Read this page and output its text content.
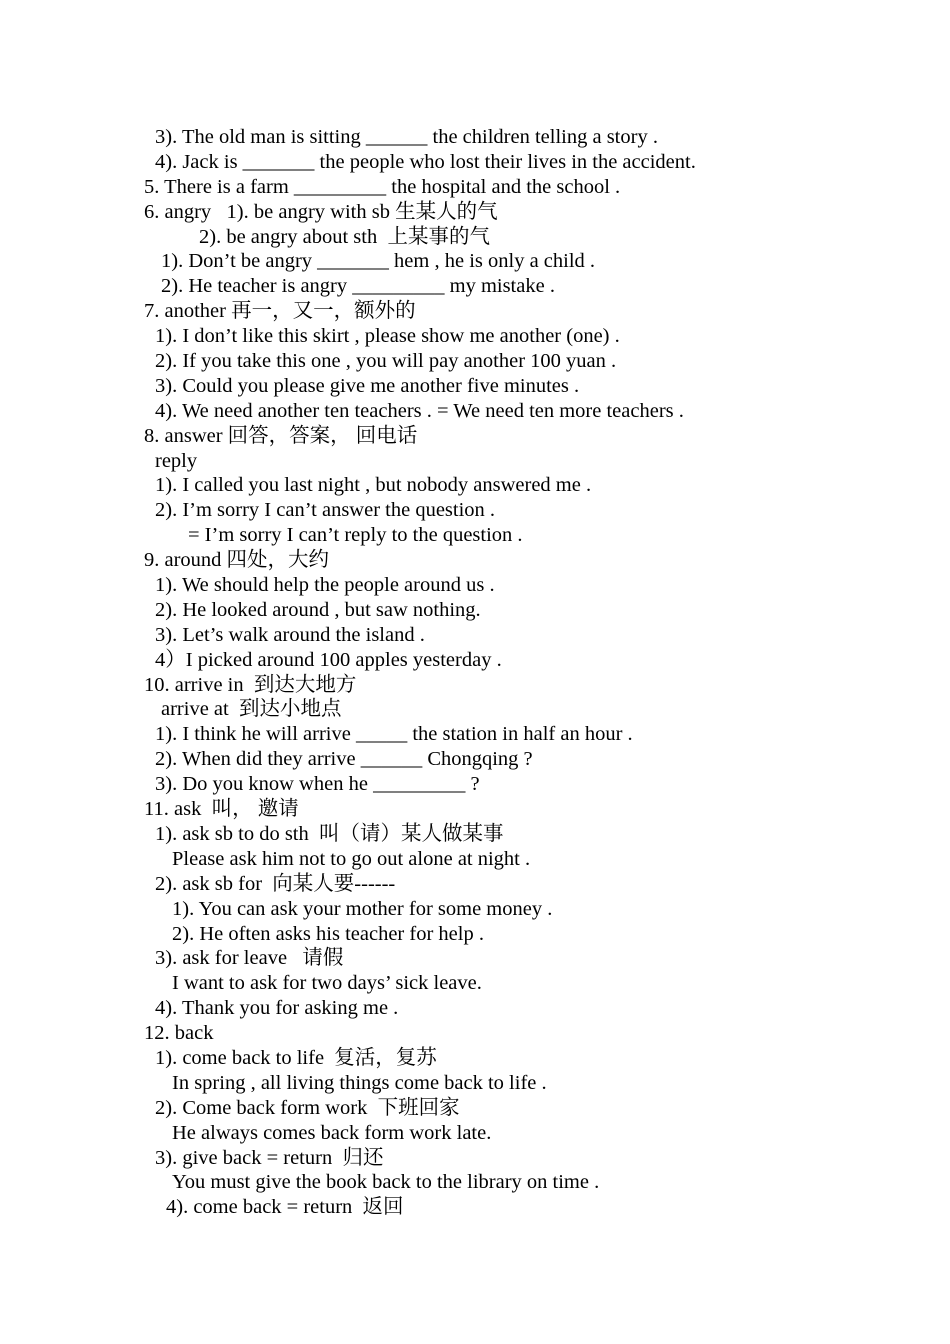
3). The old man is sitting ______ the children telling a story .
4). Jack is _______ the people who lost their lives in the accident.
5. There is a farm _________ the hospital and the school .
6. angry   1). be angry with sb 生某人的气
2). be angry about sth  上某事的气
1). Don’t be angry _______ hem , he is only a child .
2). He teacher is angry _________ my mistake .
7. another 再一，又一，额外的
1). I don’t like this skirt , please show me another (one) .
2). If you take this one , you will pay another 100 yuan .
3). Could you please give me another five minutes .
4). We need another ten teachers . = We need ten more teachers .
8. answer 回答，答案， 回电话
reply
1). I called you last night , but nobody answered me .
2). I’m sorry I can’t answer the question .
= I’m sorry I can’t reply to the question .
9. around 四处，大约
1). We should help the people around us .
2). He looked around , but saw nothing.
3). Let’s walk around the island .
4）I picked around 100 apples yesterday .
10. arrive in  到达大地方
arrive at  到达小地点
1). I think he will arrive _____ the station in half an hour .
2). When did they arrive ______ Chongqing ?
3). Do you know when he _________ ?
11. ask  叫， 邀请
1). ask sb to do sth  叫（请）某人做某事
Please ask him not to go out alone at night .
2). ask sb for  向某人要------
1). You can ask your mother for some money .
2). He often asks his teacher for help .
3). ask for leave   请假
I want to ask for two days’ sick leave.
4). Thank you for asking me .
12. back
1). come back to life  复活，复苏
In spring , all living things come back to life .
2). Come back form work  下班回家
He always comes back form work late.
3). give back = return  归还
You must give the book back to the library on time .
4). come back = return  返回
